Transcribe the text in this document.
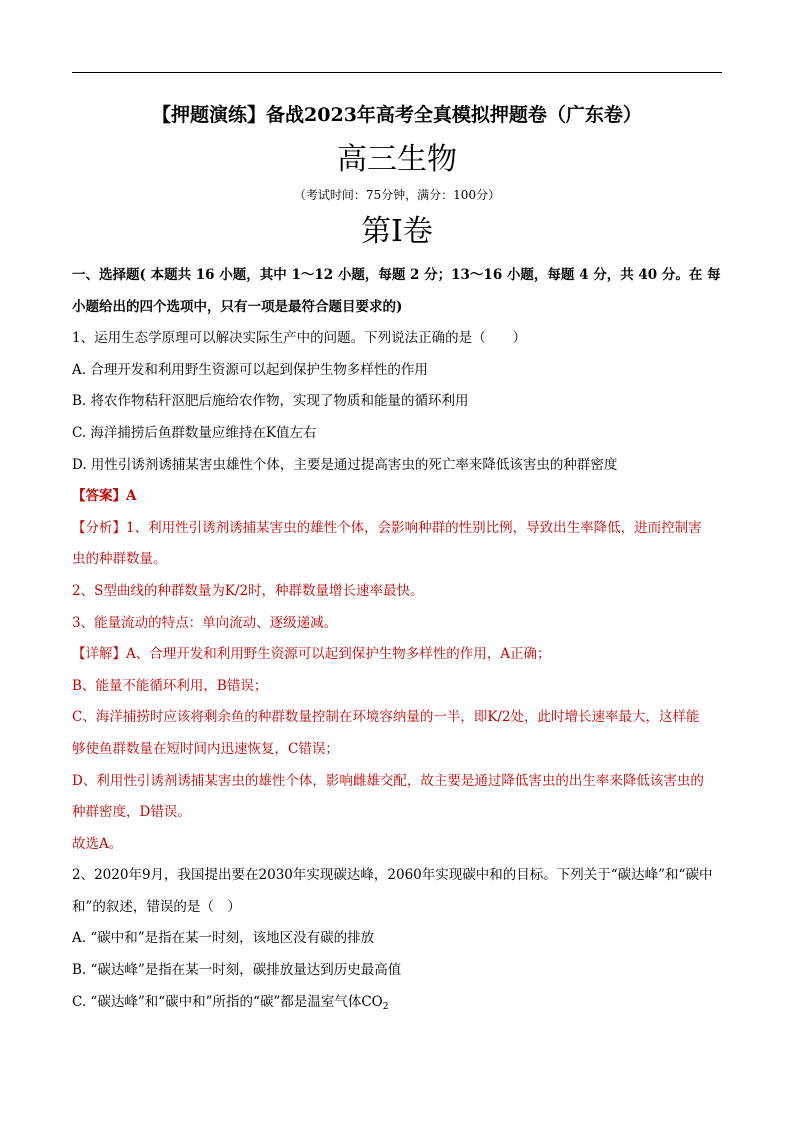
【押题演练】备战2023年高考全真模拟押题卷（广东卷）
高三生物
（考试时间：75分钟，满分：100分）
第I卷

一、选择题( 本题共 16 小题，其中 1～12 小题，每题 2 分；13～16 小题，每题 4 分，共 40 分。在 每

小题给出的四个选项中，只有一项是最符合题目要求的)

1、运用生态学原理可以解决实际生产中的问题。下列说法正确的是（　　）

A. 合理开发和利用野生资源可以起到保护生物多样性的作用

B. 将农作物秸秆沤肥后施给农作物，实现了物质和能量的循环利用

C. 海洋捕捞后鱼群数量应维持在K值左右

D. 用性引诱剂诱捕某害虫雄性个体，主要是通过提高害虫的死亡率来降低该害虫的种群密度

【答案】A

【分析】1、利用性引诱剂诱捕某害虫的雄性个体，会影响种群的性别比例，导致出生率降低，进而控制害

虫的种群数量。

2、S型曲线的种群数量为K/2时，种群数量增长速率最快。

3、能量流动的特点：单向流动、逐级递减。

【详解】A、合理开发和利用野生资源可以起到保护生物多样性的作用，A正确；

B、能量不能循环利用，B错误；

C、海洋捕捞时应该将剩余鱼的种群数量控制在环境容纳量的一半，即K/2处，此时增长速率最大，这样能

够使鱼群数量在短时间内迅速恢复，C错误；

D、利用性引诱剂诱捕某害虫的雄性个体，影响雌雄交配，故主要是通过降低害虫的出生率来降低该害虫的

种群密度，D错误。

故选A。

2、2020年9月，我国提出要在2030年实现碳达峰，2060年实现碳中和的目标。下列关于“碳达峰”和“碳中

和”的叙述，错误的是（　）

A. “碳中和”是指在某一时刻，该地区没有碳的排放

B. “碳达峰”是指在某一时刻，碳排放量达到历史最高值

C. “碳达峰”和“碳中和”所指的“碳”都是温室气体$CO_2$
